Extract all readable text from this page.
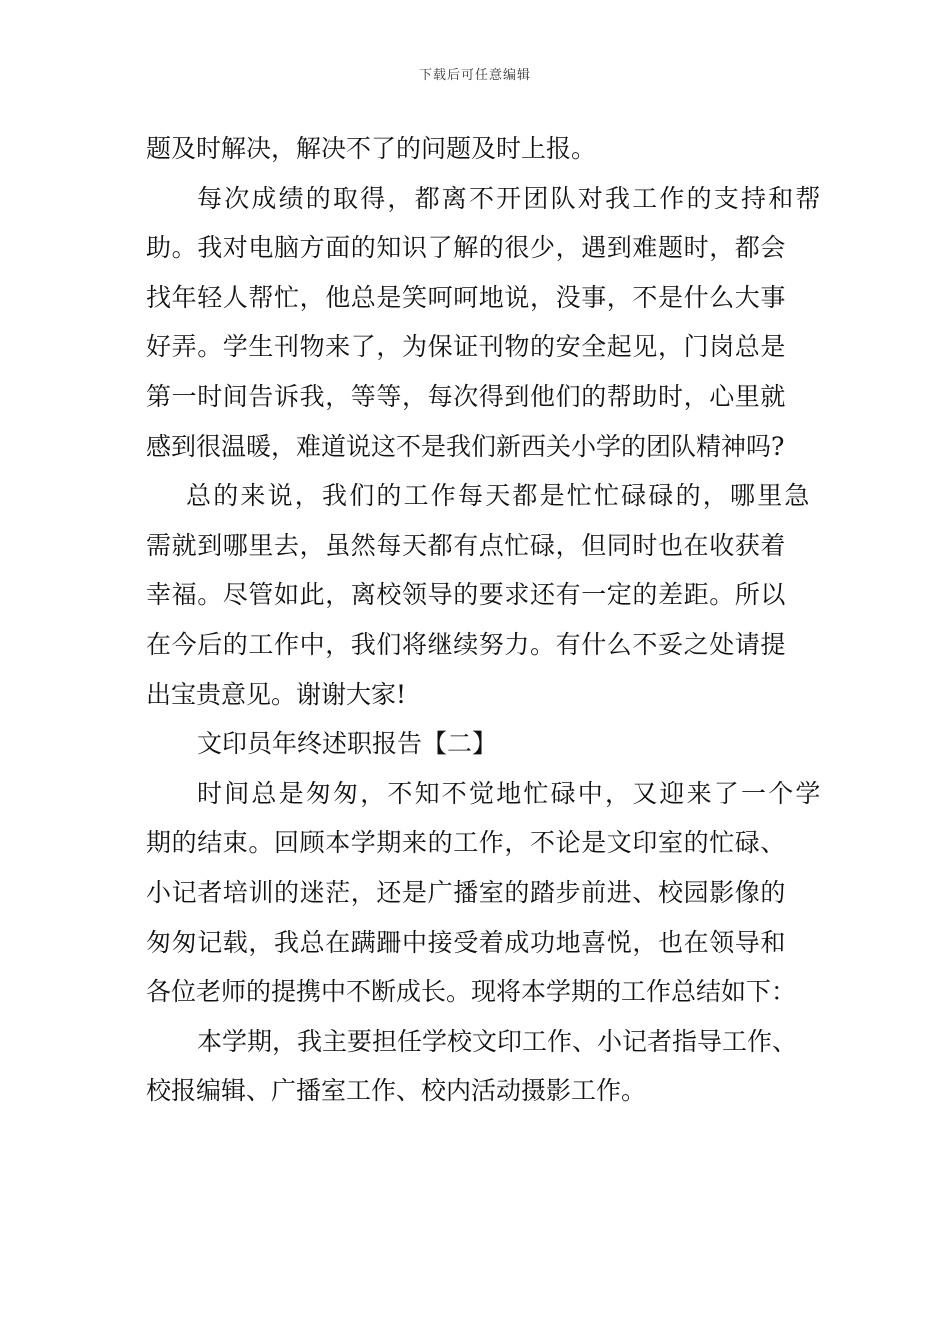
下载后可任意编辑
题及时解决，解决不了的问题及时上报。
每次成绩的取得，都离不开团队对我工作的支持和帮
助。我对电脑方面的知识了解的很少，遇到难题时，都会
找年轻人帮忙，他总是笑呵呵地说，没事，不是什么大事
好弄。学生刊物来了，为保证刊物的安全起见，门岗总是
第一时间告诉我，等等，每次得到他们的帮助时，心里就
感到很温暖，难道说这不是我们新西关小学的团队精神吗?
总的来说，我们的工作每天都是忙忙碌碌的，哪里急
需就到哪里去，虽然每天都有点忙碌，但同时也在收获着
幸福。尽管如此，离校领导的要求还有一定的差距。所以
在今后的工作中，我们将继续努力。有什么不妥之处请提
出宝贵意见。谢谢大家!
文印员年终述职报告【二】
时间总是匆匆，不知不觉地忙碌中，又迎来了一个学
期的结束。回顾本学期来的工作，不论是文印室的忙碌、
小记者培训的迷茫，还是广播室的踏步前进、校园影像的
匆匆记载，我总在蹒跚中接受着成功地喜悦，也在领导和
各位老师的提携中不断成长。现将本学期的工作总结如下：
本学期，我主要担任学校文印工作、小记者指导工作、
校报编辑、广播室工作、校内活动摄影工作。
